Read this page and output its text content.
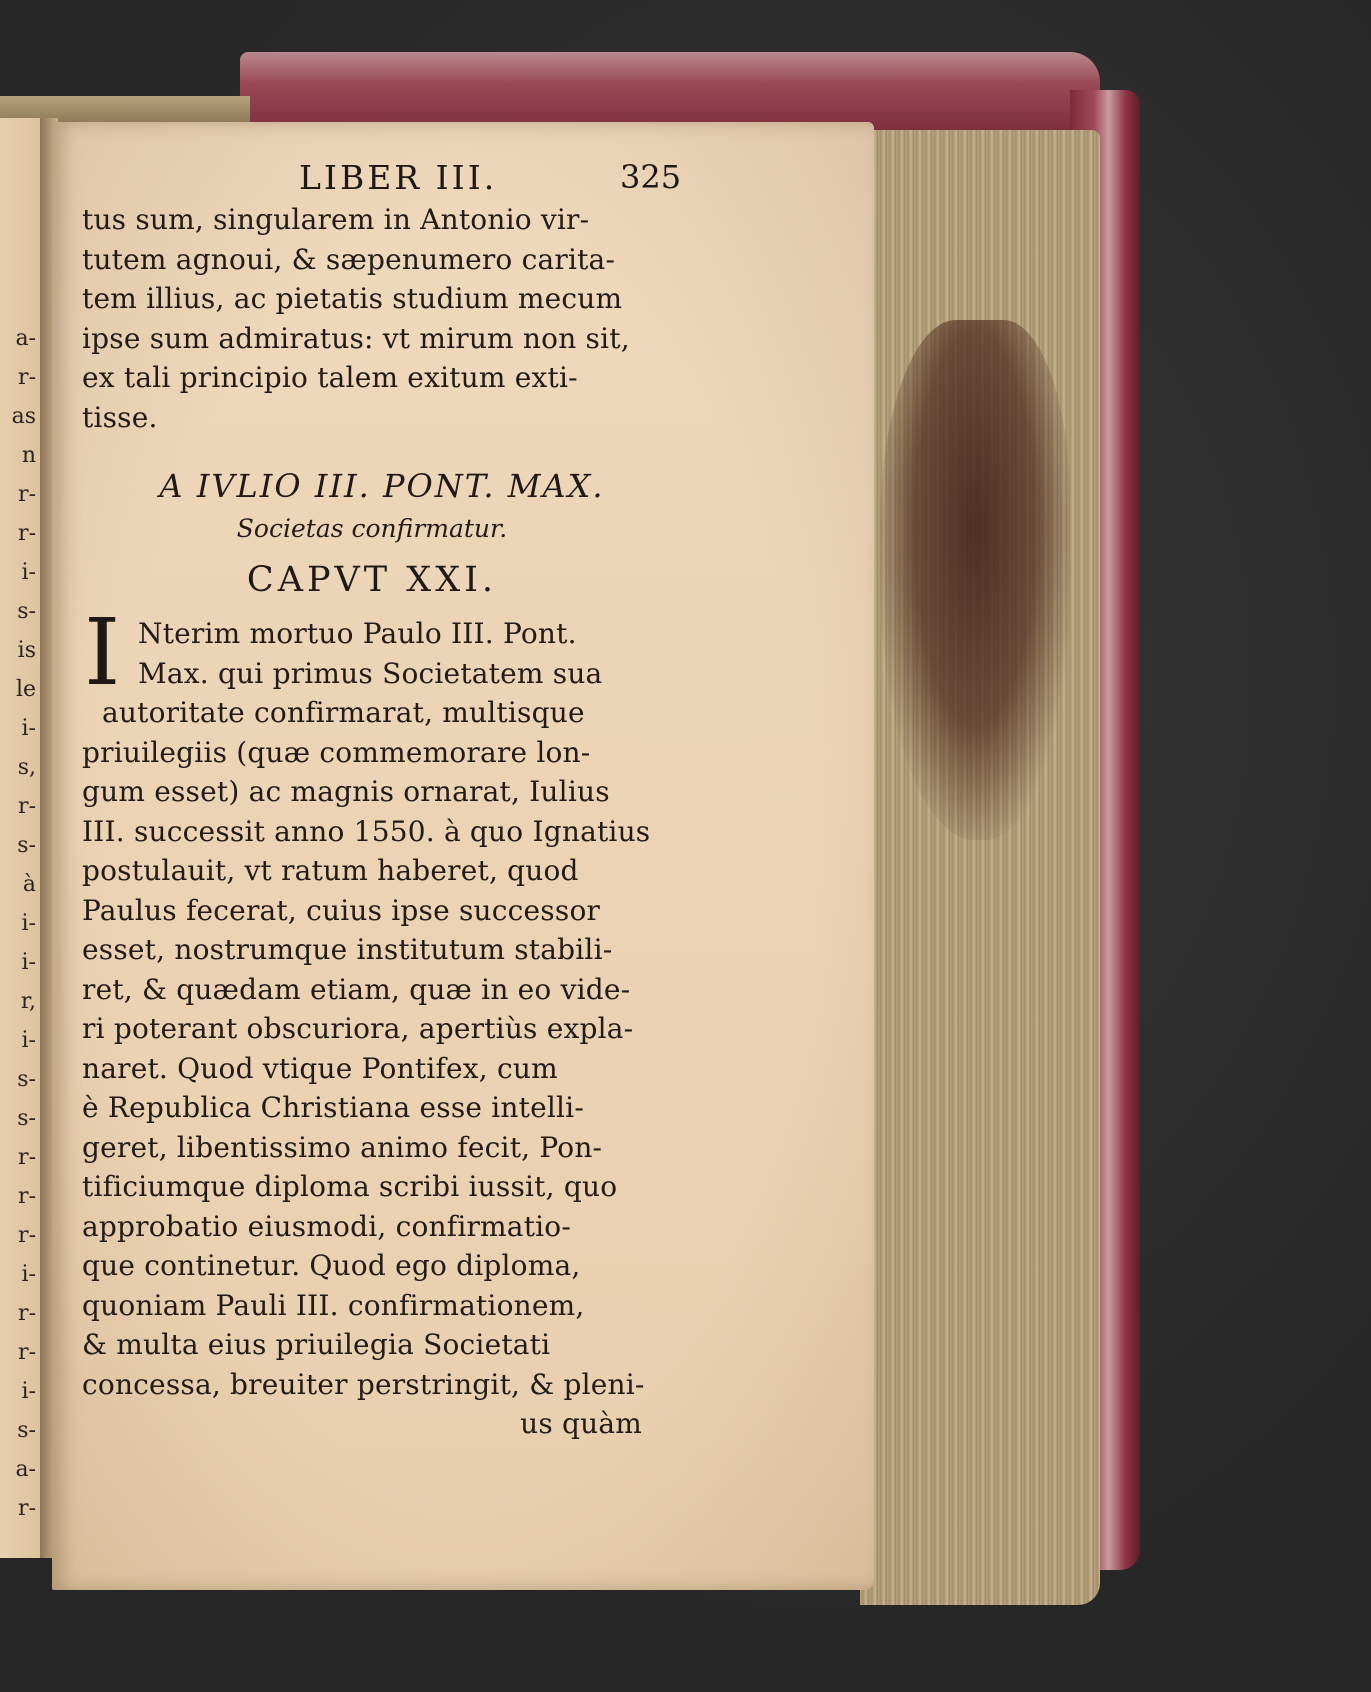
a-
r-
as
n
r-
r-
i-
s-
is
le
i-
s,
r-
s-
à
i-
i-
r,
i-
s-
s-
r-
r-
r-
i-
r-
r-
i-
s-
a-
r-
LIBER III.	325
tus sum, singularem in Antonio vir-
tutem agnoui, & sæpenumero carita-
tem illius, ac pietatis studium mecum
ipse sum admiratus: vt mirum non sit,
ex tali principio talem exitum exti-
tisse.
A IVLIO III. PONT. MAX.
Societas confirmatur.
CAPVT XXI.
I Nterim mortuo Paulo III. Pont.
Max. qui primus Societatem sua
autoritate confirmarat, multisque
priuilegiis (quæ commemorare lon-
gum esset) ac magnis ornarat, Iulius
III. successit anno 1550. à quo Ignatius
postulauit, vt ratum haberet, quod
Paulus fecerat, cuius ipse successor
esset, nostrumque institutum stabili-
ret, & quædam etiam, quæ in eo vide-
ri poterant obscuriora, apertiùs expla-
naret. Quod vtique Pontifex, cum
è Republica Christiana esse intelli-
geret, libentissimo animo fecit, Pon-
tificiumque diploma scribi iussit, quo
approbatio eiusmodi, confirmatio-
que continetur. Quod ego diploma,
quoniam Pauli III. confirmationem,
& multa eius priuilegia Societati
concessa, breuiter perstringit, & pleni-
us quàm
